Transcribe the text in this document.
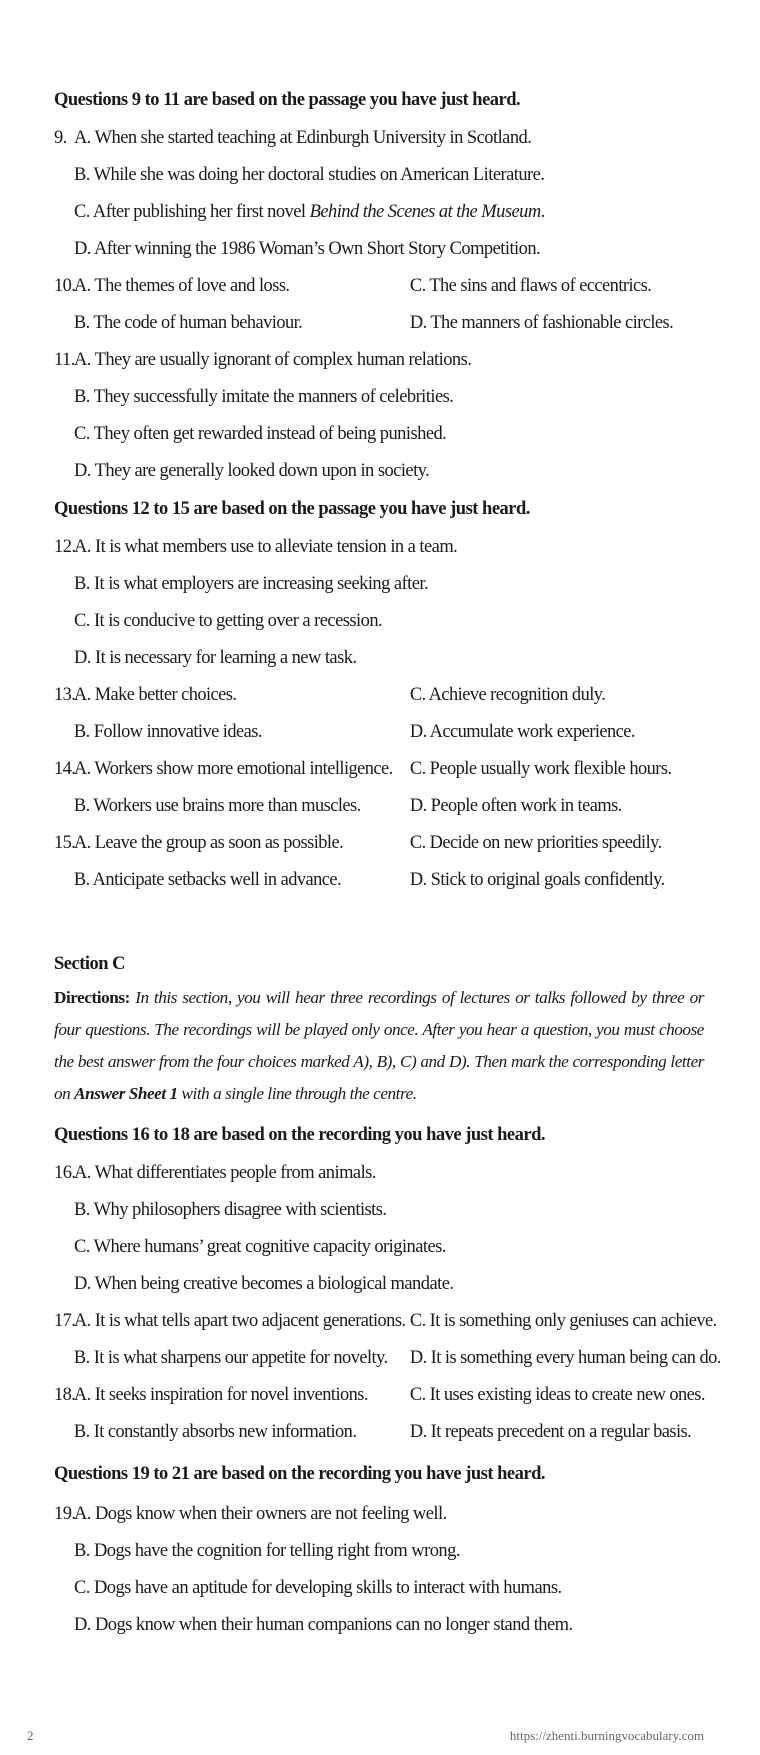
Questions 9 to 11 are based on the passage you have just heard.
9. A. When she started teaching at Edinburgh University in Scotland.
B. While she was doing her doctoral studies on American Literature.
C. After publishing her first novel Behind the Scenes at the Museum.
D. After winning the 1986 Woman’s Own Short Story Competition.
10.A. The themes of love and loss.	C. The sins and flaws of eccentrics.
B. The code of human behaviour.	D. The manners of fashionable circles.
11.A. They are usually ignorant of complex human relations.
B. They successfully imitate the manners of celebrities.
C. They often get rewarded instead of being punished.
D. They are generally looked down upon in society.
Questions 12 to 15 are based on the passage you have just heard.
12.A. It is what members use to alleviate tension in a team.
B. It is what employers are increasing seeking after.
C. It is conducive to getting over a recession.
D. It is necessary for learning a new task.
13.A. Make better choices.	C. Achieve recognition duly.
B. Follow innovative ideas.	D. Accumulate work experience.
14.A. Workers show more emotional intelligence. C. People usually work flexible hours.
B. Workers use brains more than muscles.	D. People often work in teams.
15.A. Leave the group as soon as possible.	C. Decide on new priorities speedily.
B. Anticipate setbacks well in advance.	D. Stick to original goals confidently.
Section C
Directions: In this section, you will hear three recordings of lectures or talks followed by three or four questions. The recordings will be played only once. After you hear a question, you must choose the best answer from the four choices marked A), B), C) and D). Then mark the corresponding letter on Answer Sheet 1 with a single line through the centre.
Questions 16 to 18 are based on the recording you have just heard.
16.A. What differentiates people from animals.
B. Why philosophers disagree with scientists.
C. Where humans’ great cognitive capacity originates.
D. When being creative becomes a biological mandate.
17.A. It is what tells apart two adjacent generations. C. It is something only geniuses can achieve.
B. It is what sharpens our appetite for novelty. D. It is something every human being can do.
18.A. It seeks inspiration for novel inventions. C. It uses existing ideas to create new ones.
B. It constantly absorbs new information.	D. It repeats precedent on a regular basis.
Questions 19 to 21 are based on the recording you have just heard.
19.A. Dogs know when their owners are not feeling well.
B. Dogs have the cognition for telling right from wrong.
C. Dogs have an aptitude for developing skills to interact with humans.
D. Dogs know when their human companions can no longer stand them.
2	https://zhenti.burningvocabulary.com
